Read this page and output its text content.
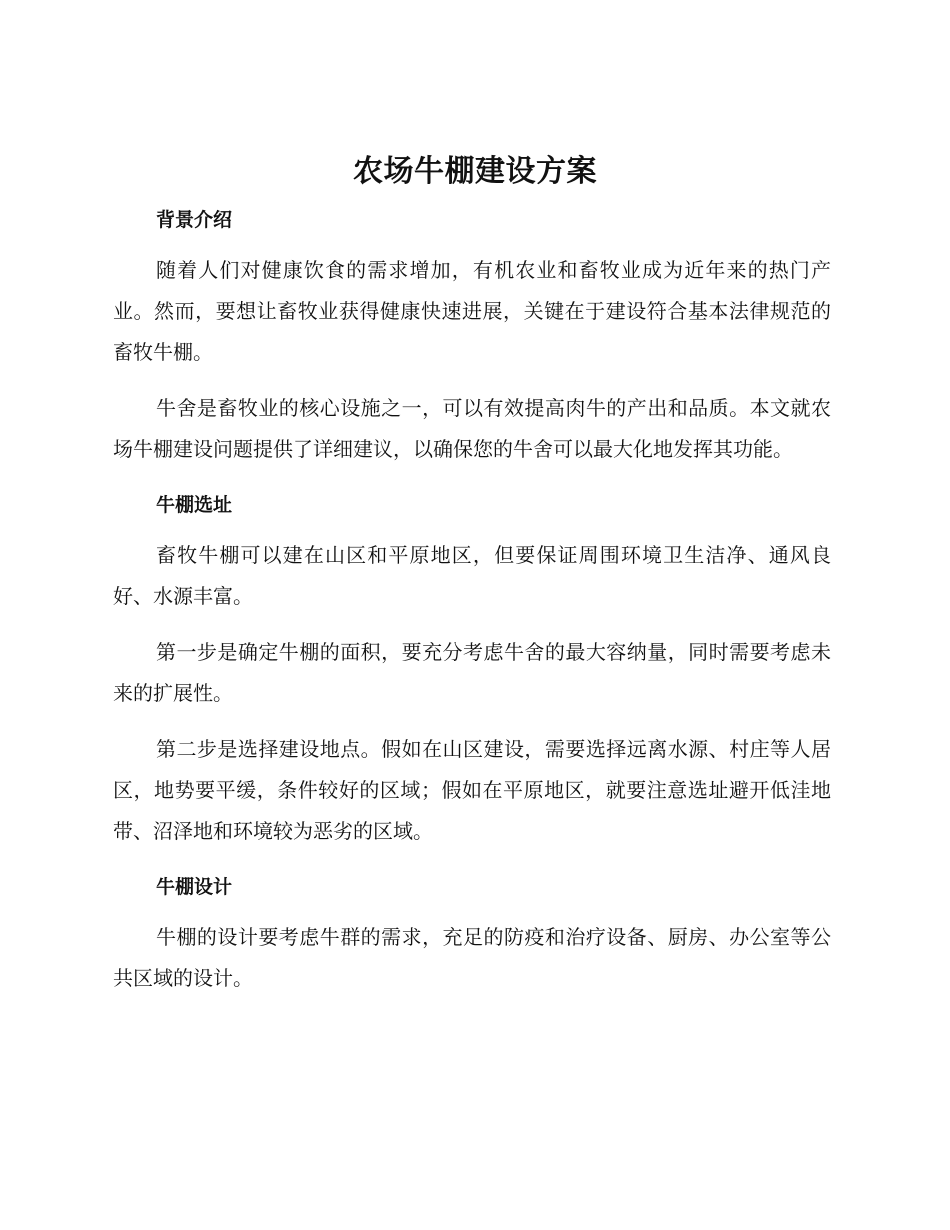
农场牛棚建设方案
背景介绍

随着人们对健康饮食的需求增加，有机农业和畜牧业成为近年来的热门产业。然而，要想让畜牧业获得健康快速进展，关键在于建设符合基本法律规范的畜牧牛棚。

牛舍是畜牧业的核心设施之一，可以有效提高肉牛的产出和品质。本文就农场牛棚建设问题提供了详细建议，以确保您的牛舍可以最大化地发挥其功能。

牛棚选址

畜牧牛棚可以建在山区和平原地区，但要保证周围环境卫生洁净、通风良好、水源丰富。

第一步是确定牛棚的面积，要充分考虑牛舍的最大容纳量，同时需要考虑未来的扩展性。

第二步是选择建设地点。假如在山区建设，需要选择远离水源、村庄等人居区，地势要平缓，条件较好的区域；假如在平原地区，就要注意选址避开低洼地带、沼泽地和环境较为恶劣的区域。

牛棚设计

牛棚的设计要考虑牛群的需求，充足的防疫和治疗设备、厨房、办公室等公共区域的设计。
